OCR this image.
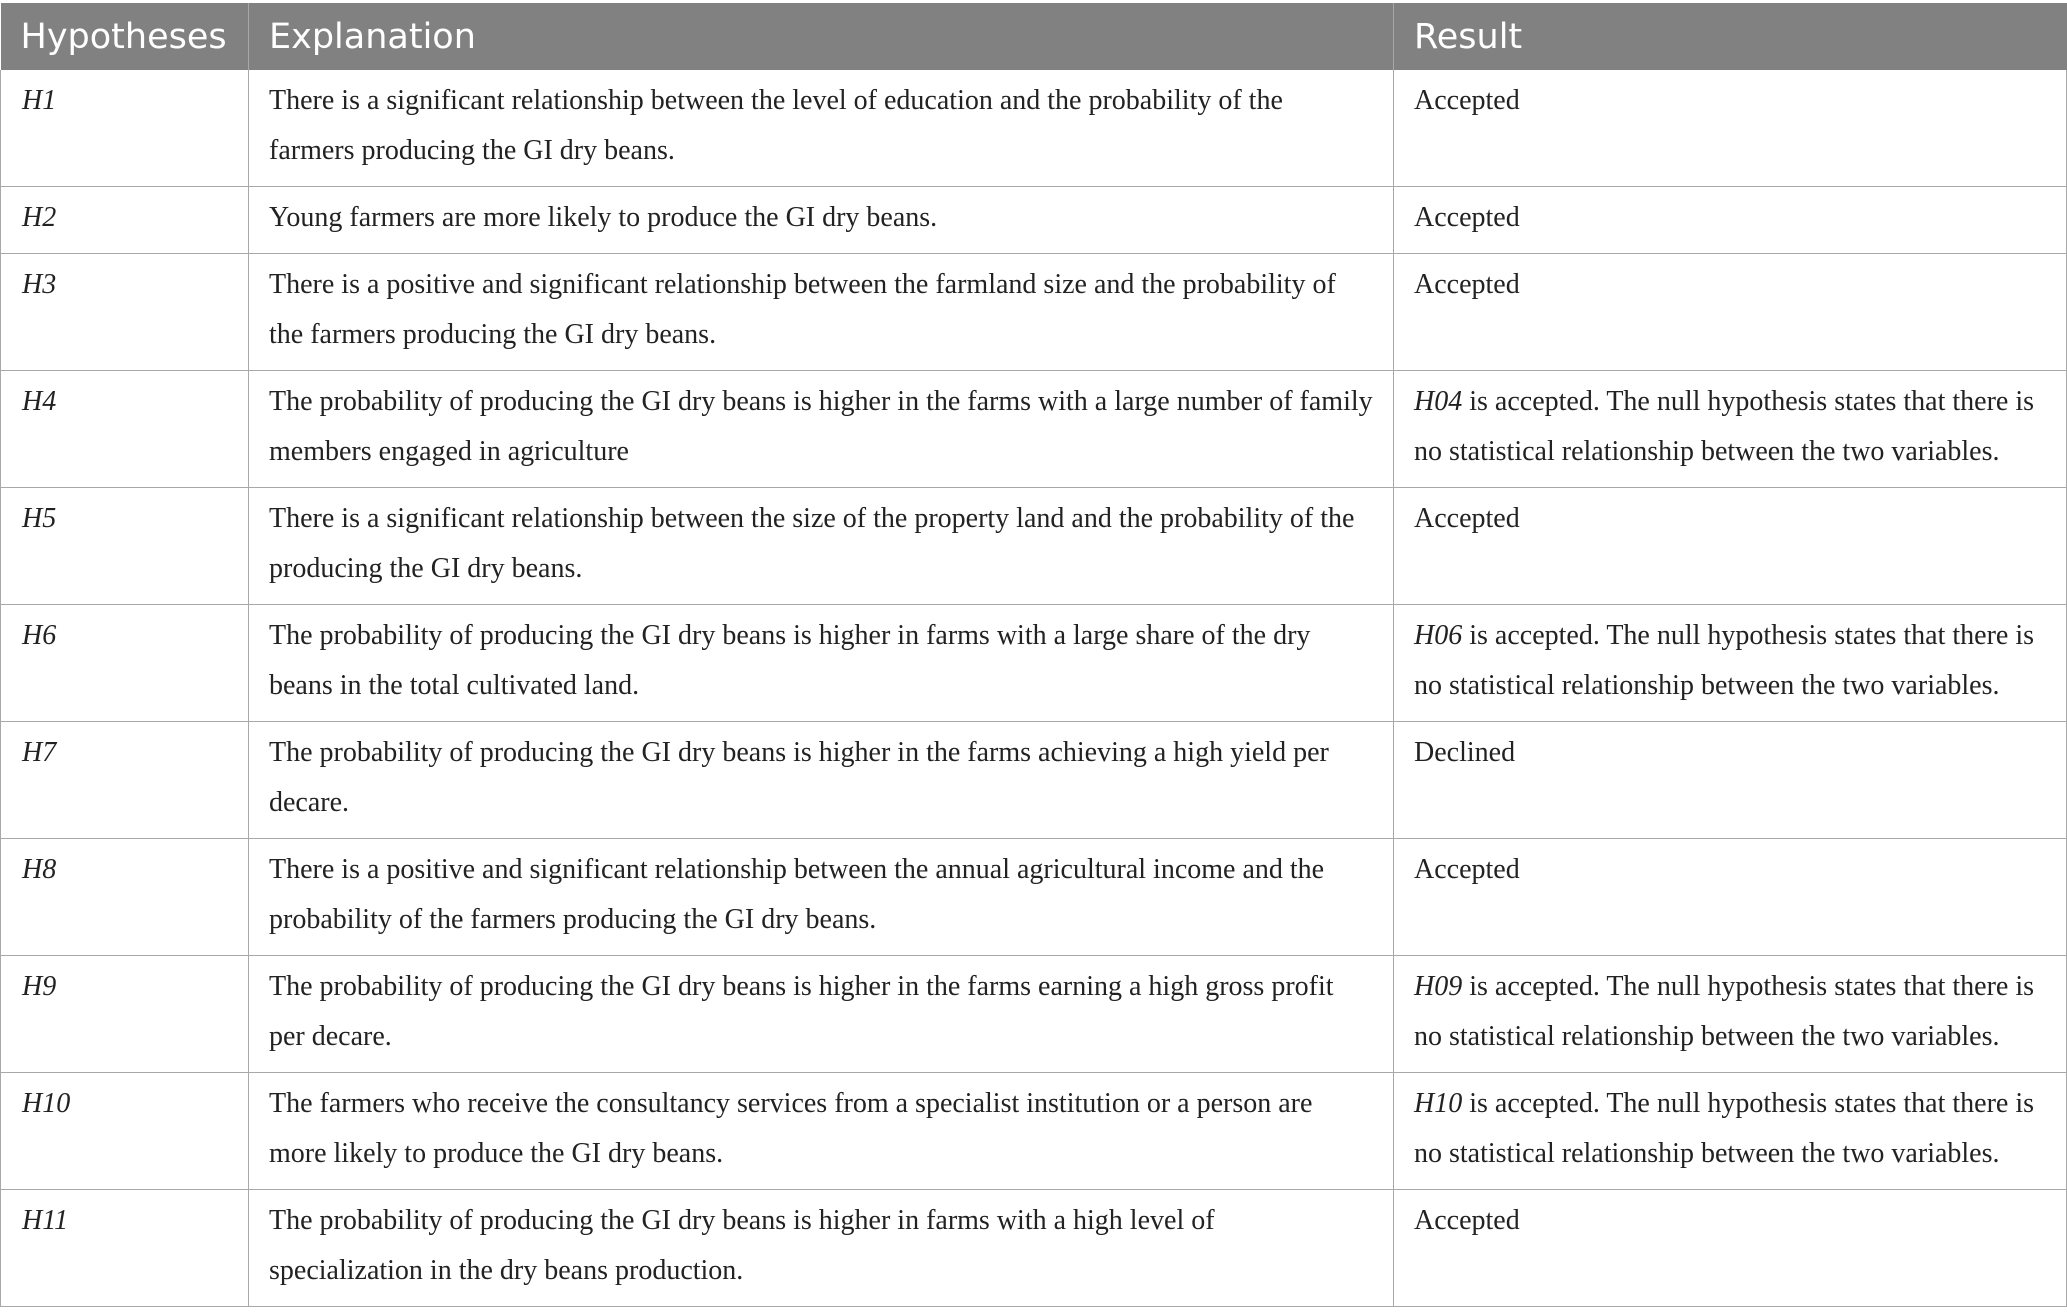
Hypotheses	Explanation	Result
H1	There is a significant relationship between the level of education and the probability of the farmers producing the GI dry beans.	Accepted
H2	Young farmers are more likely to produce the GI dry beans.	Accepted
H3	There is a positive and significant relationship between the farmland size and the probability of the farmers producing the GI dry beans.	Accepted
H4	The probability of producing the GI dry beans is higher in the farms with a large number of family members engaged in agriculture	H04 is accepted. The null hypothesis states that there is no statistical relationship between the two variables.
H5	There is a significant relationship between the size of the property land and the probability of the producing the GI dry beans.	Accepted
H6	The probability of producing the GI dry beans is higher in farms with a large share of the dry beans in the total cultivated land.	H06 is accepted. The null hypothesis states that there is no statistical relationship between the two variables.
H7	The probability of producing the GI dry beans is higher in the farms achieving a high yield per decare.	Declined
H8	There is a positive and significant relationship between the annual agricultural income and the probability of the farmers producing the GI dry beans.	Accepted
H9	The probability of producing the GI dry beans is higher in the farms earning a high gross profit per decare.	H09 is accepted. The null hypothesis states that there is no statistical relationship between the two variables.
H10	The farmers who receive the consultancy services from a specialist institution or a person are more likely to produce the GI dry beans.	H10 is accepted. The null hypothesis states that there is no statistical relationship between the two variables.
H11	The probability of producing the GI dry beans is higher in farms with a high level of specialization in the dry beans production.	Accepted
